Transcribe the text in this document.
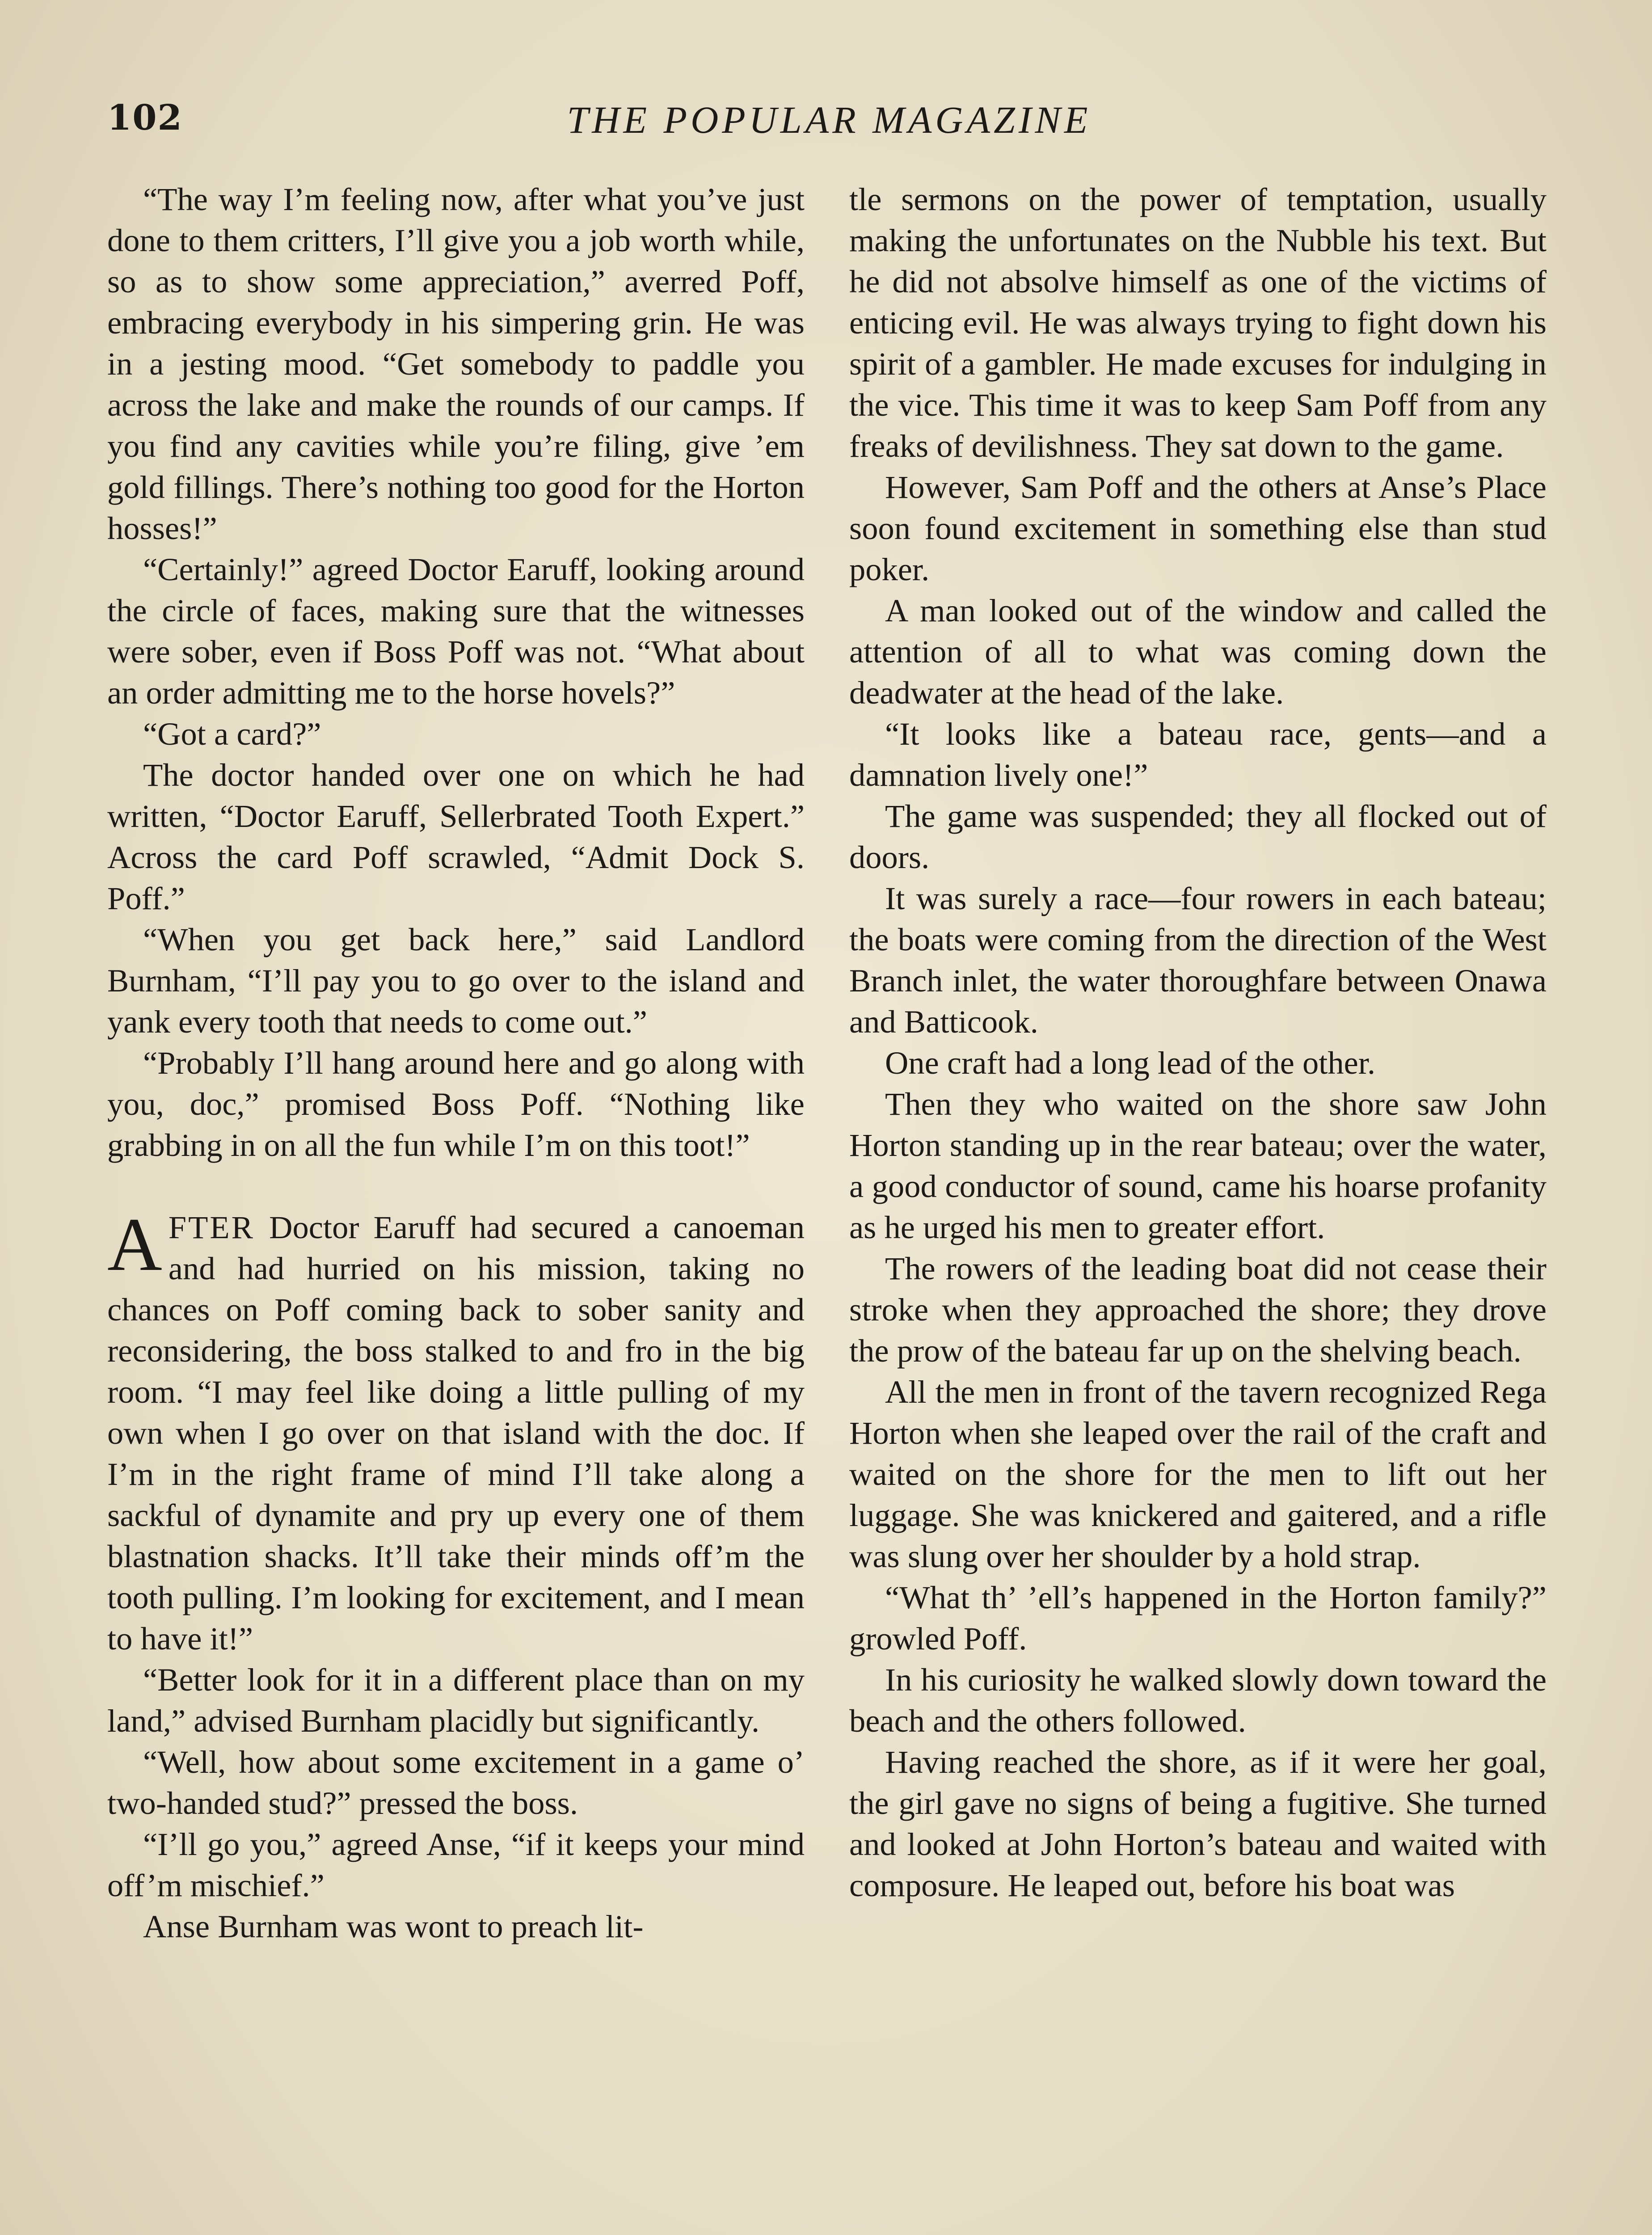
102	THE POPULAR MAGAZINE

“The way I’m feeling now, after what you’ve just done to them critters, I’ll give you a job worth while, so as to show some appreciation,” averred Poff, embracing everybody in his simpering grin. He was in a jesting mood. “Get somebody to paddle you across the lake and make the rounds of our camps. If you find any cavities while you’re filing, give ’em gold fillings. There’s nothing too good for the Horton hosses!”

“Certainly!” agreed Doctor Earuff, looking around the circle of faces, making sure that the witnesses were sober, even if Boss Poff was not. “What about an order admitting me to the horse hovels?”

“Got a card?”

The doctor handed over one on which he had written, “Doctor Earuff, Sellerbrated Tooth Expert.” Across the card Poff scrawled, “Admit Dock S. Poff.”

“When you get back here,” said Landlord Burnham, “I’ll pay you to go over to the island and yank every tooth that needs to come out.”

“Probably I’ll hang around here and go along with you, doc,” promised Boss Poff. “Nothing like grabbing in on all the fun while I’m on this toot!”

AFTER Doctor Earuff had secured a canoeman and had hurried on his mission, taking no chances on Poff coming back to sober sanity and reconsidering, the boss stalked to and fro in the big room. “I may feel like doing a little pulling of my own when I go over on that island with the doc. If I’m in the right frame of mind I’ll take along a sackful of dynamite and pry up every one of them blastnation shacks. It’ll take their minds off’m the tooth pulling. I’m looking for excitement, and I mean to have it!”

“Better look for it in a different place than on my land,” advised Burnham placidly but significantly.

“Well, how about some excitement in a game o’ two-handed stud?” pressed the boss.

“I’ll go you,” agreed Anse, “if it keeps your mind off’m mischief.”

Anse Burnham was wont to preach lit-

tle sermons on the power of temptation, usually making the unfortunates on the Nubble his text. But he did not absolve himself as one of the victims of enticing evil. He was always trying to fight down his spirit of a gambler. He made excuses for indulging in the vice. This time it was to keep Sam Poff from any freaks of devilishness. They sat down to the game.

However, Sam Poff and the others at Anse’s Place soon found excitement in something else than stud poker.

A man looked out of the window and called the attention of all to what was coming down the deadwater at the head of the lake.

“It looks like a bateau race, gents—and a damnation lively one!”

The game was suspended; they all flocked out of doors.

It was surely a race—four rowers in each bateau; the boats were coming from the direction of the West Branch inlet, the water thoroughfare between Onawa and Batticook.

One craft had a long lead of the other.

Then they who waited on the shore saw John Horton standing up in the rear bateau; over the water, a good conductor of sound, came his hoarse profanity as he urged his men to greater effort.

The rowers of the leading boat did not cease their stroke when they approached the shore; they drove the prow of the bateau far up on the shelving beach.

All the men in front of the tavern recognized Rega Horton when she leaped over the rail of the craft and waited on the shore for the men to lift out her luggage. She was knickered and gaitered, and a rifle was slung over her shoulder by a hold strap.

“What th’ ’ell’s happened in the Horton family?” growled Poff.

In his curiosity he walked slowly down toward the beach and the others followed.

Having reached the shore, as if it were her goal, the girl gave no signs of being a fugitive. She turned and looked at John Horton’s bateau and waited with composure. He leaped out, before his boat was
